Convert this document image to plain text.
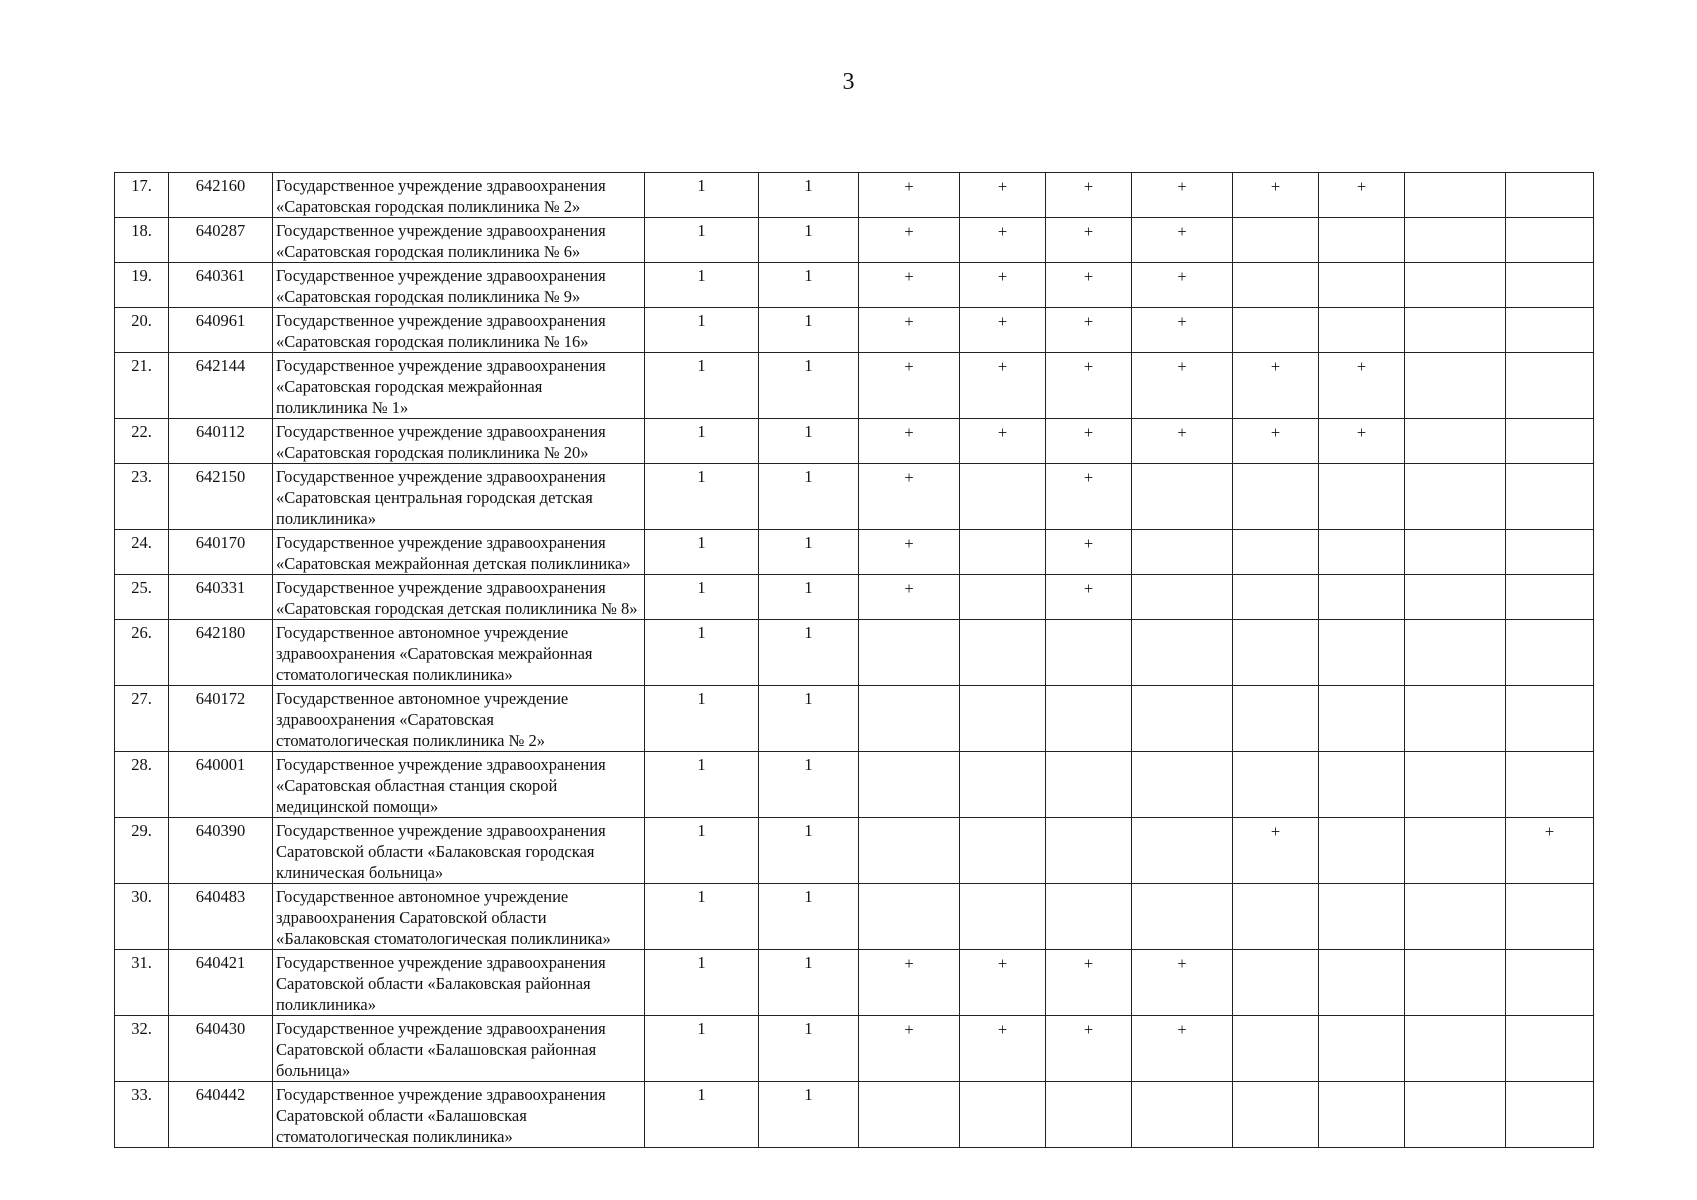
3
17.	642160	Государственное учреждение здравоохранения
«Саратовская городская поликлиника № 2»	1	1	+	+	+	+	+	+		
18.	640287	Государственное учреждение здравоохранения
«Саратовская городская поликлиника № 6»	1	1	+	+	+	+				
19.	640361	Государственное учреждение здравоохранения
«Саратовская городская поликлиника № 9»	1	1	+	+	+	+				
20.	640961	Государственное учреждение здравоохранения
«Саратовская городская поликлиника № 16»	1	1	+	+	+	+				
21.	642144	Государственное учреждение здравоохранения
«Саратовская городская межрайонная
поликлиника № 1»	1	1	+	+	+	+	+	+		
22.	640112	Государственное учреждение здравоохранения
«Саратовская городская поликлиника № 20»	1	1	+	+	+	+	+	+		
23.	642150	Государственное учреждение здравоохранения
«Саратовская центральная городская детская
поликлиника»	1	1	+		+					
24.	640170	Государственное учреждение здравоохранения
«Саратовская межрайонная детская поликлиника»	1	1	+		+					
25.	640331	Государственное учреждение здравоохранения
«Саратовская городская детская поликлиника № 8»	1	1	+		+					
26.	642180	Государственное автономное учреждение
здравоохранения «Саратовская межрайонная
стоматологическая поликлиника»	1	1								
27.	640172	Государственное автономное учреждение
здравоохранения «Саратовская
стоматологическая поликлиника № 2»	1	1								
28.	640001	Государственное учреждение здравоохранения
«Саратовская областная станция скорой
медицинской помощи»	1	1								
29.	640390	Государственное учреждение здравоохранения
Саратовской области «Балаковская городская
клиническая больница»	1	1					+			+
30.	640483	Государственное автономное учреждение
здравоохранения Саратовской области
«Балаковская стоматологическая поликлиника»	1	1								
31.	640421	Государственное учреждение здравоохранения
Саратовской области «Балаковская районная
поликлиника»	1	1	+	+	+	+				
32.	640430	Государственное учреждение здравоохранения
Саратовской области «Балашовская районная
больница»	1	1	+	+	+	+				
33.	640442	Государственное учреждение здравоохранения
Саратовской области «Балашовская
стоматологическая поликлиника»	1	1								
